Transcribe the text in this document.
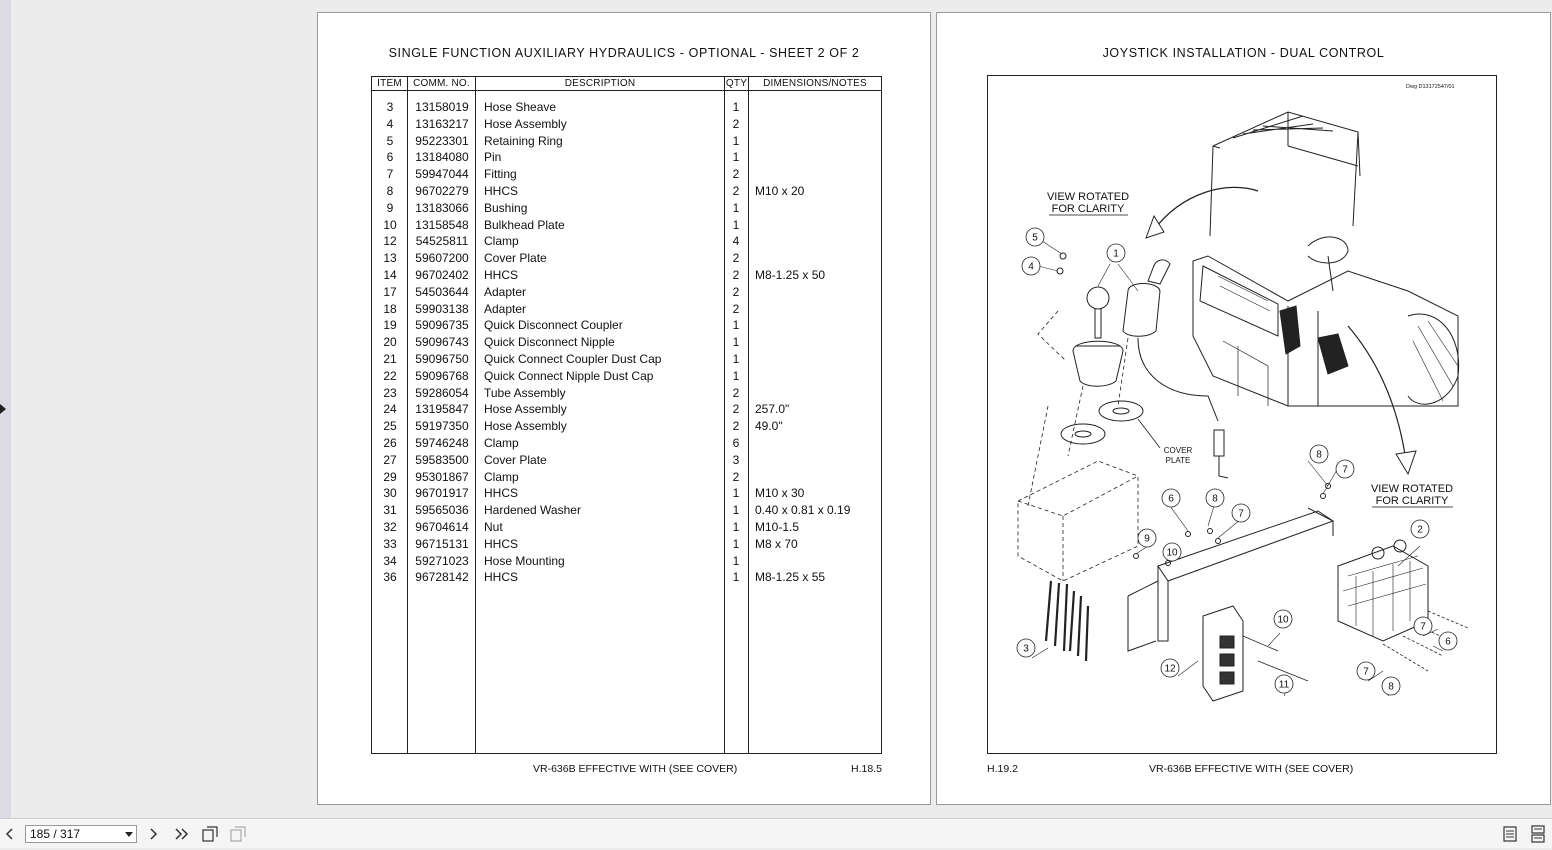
SINGLE FUNCTION AUXILIARY HYDRAULICS - OPTIONAL - SHEET 2 OF 2
ITEM	COMM. NO.	DESCRIPTION	QTY	DIMENSIONS/NOTES
3	13158019	Hose Sheave	1
4	13163217	Hose Assembly	2
5	95223301	Retaining Ring	1
6	13184080	Pin	1
7	59947044	Fitting	2
8	96702279	HHCS	2	M10 x 20
9	13183066	Bushing	1
10	13158548	Bulkhead Plate	1
12	54525811	Clamp	4
13	59607200	Cover Plate	2
14	96702402	HHCS	2	M8-1.25 x 50
17	54503644	Adapter	2
18	59903138	Adapter	2
19	59096735	Quick Disconnect Coupler	1
20	59096743	Quick Disconnect Nipple	1
21	59096750	Quick Connect Coupler Dust Cap	1
22	59096768	Quick Connect Nipple Dust Cap	1
23	59286054	Tube Assembly	2
24	13195847	Hose Assembly	2	257.0"
25	59197350	Hose Assembly	2	49.0"
26	59746248	Clamp	6
27	59583500	Cover Plate	3
29	95301867	Clamp	2
30	96701917	HHCS	1	M10 x 30
31	59565036	Hardened Washer	1	0.40 x 0.81 x 0.19
32	96704614	Nut	1	M10-1.5
33	96715131	HHCS	1	M8 x 70
34	59271023	Hose Mounting	1
36	96728142	HHCS	1	M8-1.25 x 55
VR-636B EFFECTIVE WITH (SEE COVER)	H.18.5
JOYSTICK INSTALLATION - DUAL CONTROL
Dwg D13172547/01
VIEW ROTATED
FOR CLARITY
VIEW ROTATED
FOR CLARITY
COVER
PLATE
5
4
1
8
7
6	8
7
9
10
2
3
10
12
11
7
6
7
8
H.19.2	VR-636B EFFECTIVE WITH (SEE COVER)
185 / 317
